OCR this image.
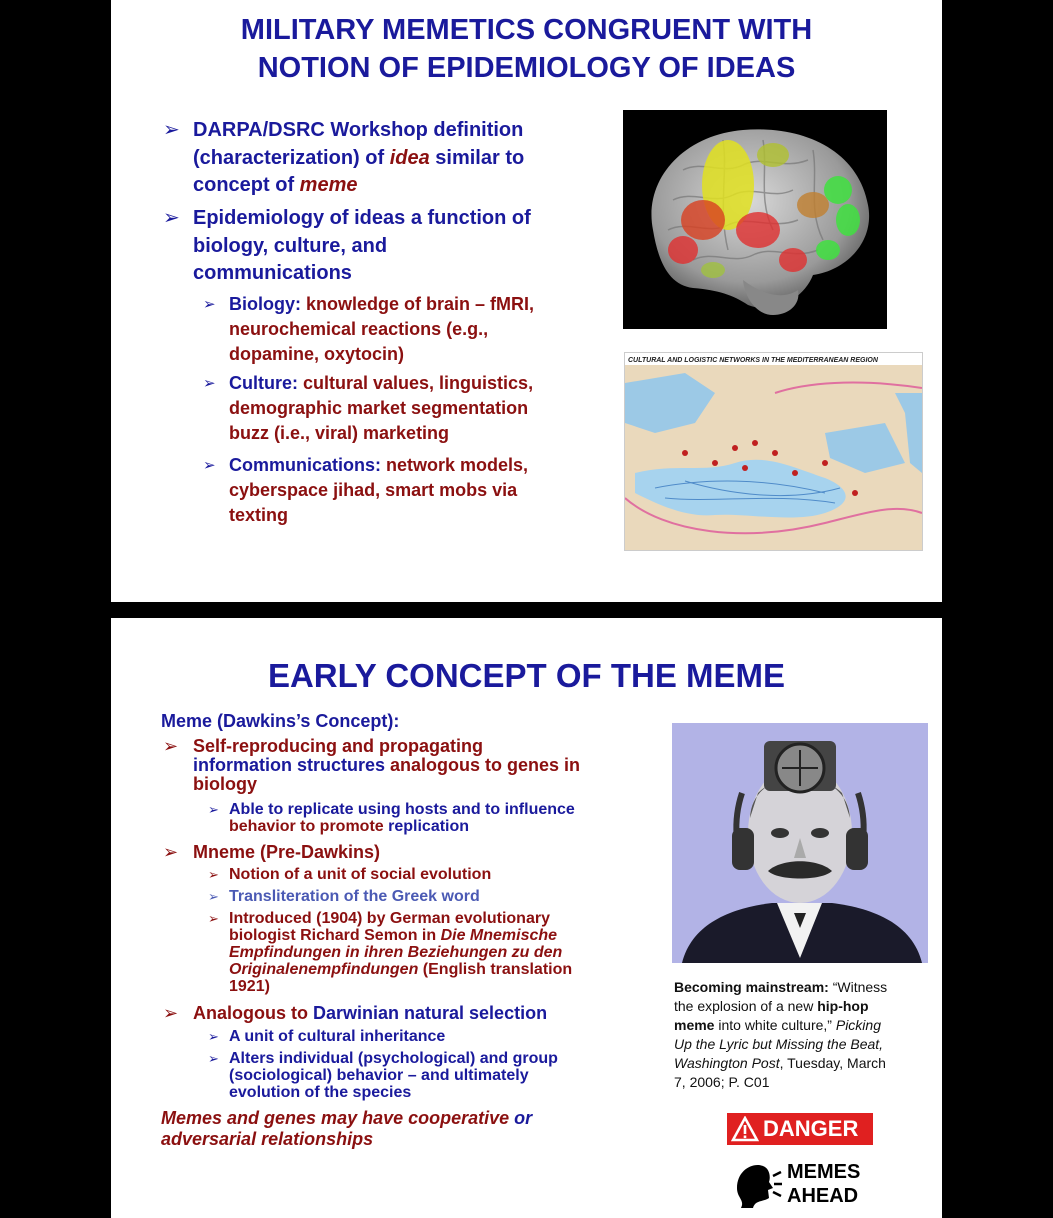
MILITARY MEMETICS CONGRUENT WITH
NOTION OF EPIDEMIOLOGY OF IDEAS
➢ DARPA/DSRC Workshop definition
(characterization) of idea similar to
concept of meme
➢ Epidemiology of ideas a function of
biology, culture, and
communications
➢ Biology: knowledge of brain – fMRI,
neurochemical reactions (e.g.,
dopamine, oxytocin)
➢ Culture: cultural values, linguistics,
demographic market segmentation
buzz (i.e., viral) marketing
➢ Communications: network models,
cyberspace jihad, smart mobs via
texting
CULTURAL AND LOGISTIC NETWORKS IN THE MEDITERRANEAN REGION
EARLY CONCEPT OF THE MEME
Meme (Dawkins’s Concept):
➢ Self-reproducing and propagating
information structures analogous to genes in
biology
➢ Able to replicate using hosts and to influence
behavior to promote replication
➢ Mneme (Pre-Dawkins)
➢ Notion of a unit of social evolution
➢ Transliteration of the Greek word
➢ Introduced (1904) by German evolutionary
biologist Richard Semon in Die Mnemische
Empfindungen in ihren Beziehungen zu den
Originalenempfindungen (English translation
1921)
➢ Analogous to Darwinian natural selection
➢ A unit of cultural inheritance
➢ Alters individual (psychological) and group
(sociological) behavior – and ultimately
evolution of the species
Memes and genes may have cooperative or
adversarial relationships
Becoming mainstream: “Witness
the explosion of a new hip-hop
meme into white culture,” Picking
Up the Lyric but Missing the Beat,
Washington Post, Tuesday, March
7, 2006; P. C01
DANGER
MEMES
AHEAD
